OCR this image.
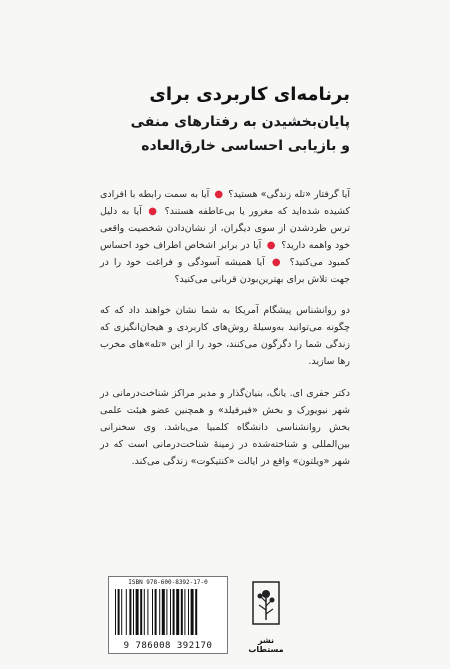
برنامه‌ای کاربردی برای
پایان‌بخشیدن به رفتارهای منفی
و بازیابی احساسی خارق‌العاده
آیا گرفتار «تله زندگی» هستید؟ ● آیا به سمت رابطه با افرادی کشیده شده‌اید که مغرور یا بی‌عاطفه هستند؟ ● آیا به دلیل ترس طردشدن از سوی دیگران، از نشان‌دادن شخصیت واقعی خود واهمه دارید؟ ● آیا در برابر اشخاص اطراف خود احساس کمبود می‌کنید؟ ● آیا همیشه آسودگی و فراغت خود را در جهت تلاش برای بهترین‌بودن قربانی می‌کنید؟
دو روانشناس پیشگام آمریکا به شما نشان خواهند داد که که چگونه می‌توانید به‌وسیلهٔ روش‌های کاربردی و هیجان‌انگیزی که زندگی شما را دگرگون می‌کنند، خود را از این «تله»های مخرب رها سازید.
دکتر جفری ای. یانگ، بنیان‌گذار و مدیر مراکز شناخت‌درمانی در شهر نیویورک و بخش «فیرفیلد» و همچنین عضو هیئت علمی بخش روانشناسی دانشگاه کلمبیا می‌باشد. وی سخنرانی بین‌المللی و شناخته‌شده در زمینهٔ شناخت‌درمانی است که در شهر «ویلتون» واقع در ایالت «کنتیکوت» زندگی می‌کند.
ISBN 978-600-8392-17-0
9 786008 392170
نشر مستطاب
